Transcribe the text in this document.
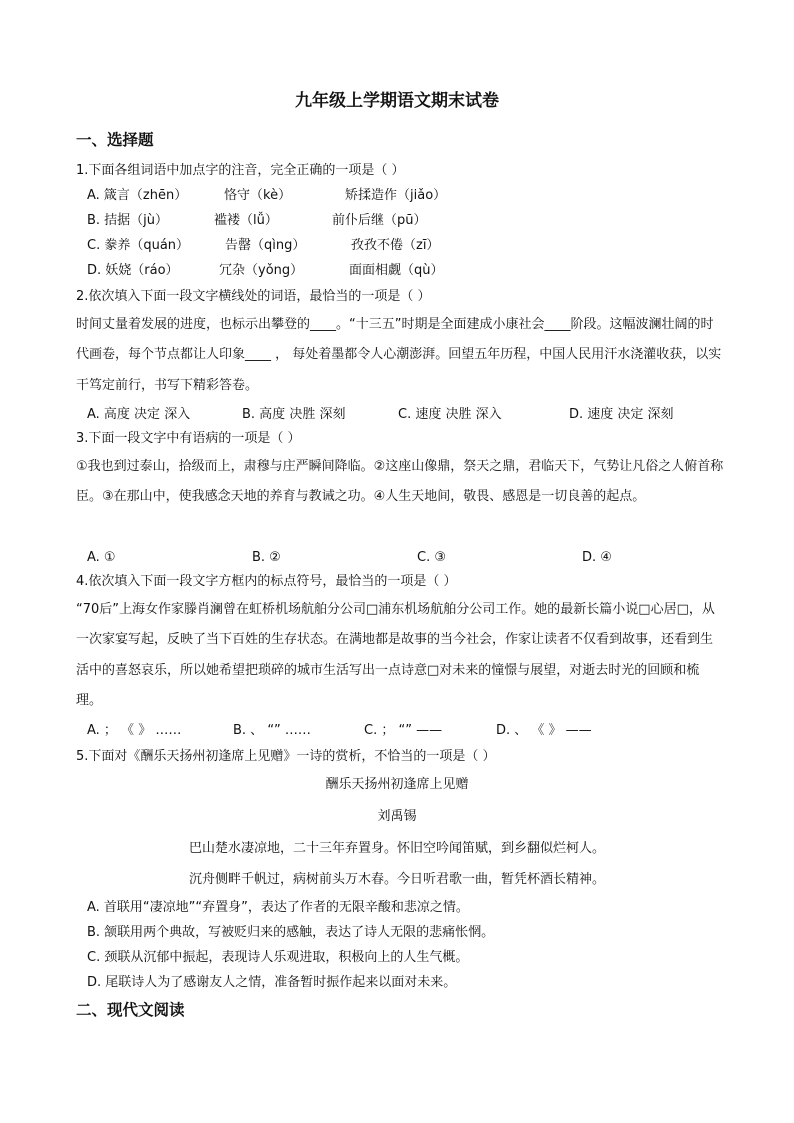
九年级上学期语文期末试卷
一、选择题
1.下面各组词语中加点字的注音，完全正确的一项是（ ）
A. 箴言（zhēn）	恪守（kè）	矫揉造作（jiǎo）
B. 拮据（jù）	褴褛（lǚ）	前仆后继（pū）
C. 豢养（quán）	告罄（qìng）	孜孜不倦（zī）
D. 妖娆（ráo）	冗杂（yǒng）	面面相觑（qù）
2.依次填入下面一段文字横线处的词语，最恰当的一项是（ ）
时间丈量着发展的进度，也标示出攀登的____。“十三五”时期是全面建成小康社会____阶段。这幅波澜壮阔的时代画卷，每个节点都让人印象____ ， 每处着墨都令人心潮澎湃。回望五年历程，中国人民用汗水浇灌收获，以实干笃定前行，书写下精彩答卷。
A. 高度 决定 深入	B. 高度 决胜 深刻	C. 速度 决胜 深入	D. 速度 决定 深刻
3.下面一段文字中有语病的一项是（ ）
①我也到过泰山，拾级而上，肃穆与庄严瞬间降临。②这座山像鼎，祭天之鼎，君临天下，气势让凡俗之人俯首称臣。③在那山中，使我感念天地的养育与教诫之功。④人生天地间，敬畏、感恩是一切良善的起点。
A. ①	B. ②	C. ③	D. ④
4.依次填入下面一段文字方框内的标点符号，最恰当的一项是（ ）
“70后”上海女作家滕肖澜曾在虹桥机场航舶分公司□浦东机场航舶分公司工作。她的最新长篇小说□心居□，从一次家宴写起，反映了当下百姓的生存状态。在满地都是故事的当今社会，作家让读者不仅看到故事，还看到生活中的喜怒哀乐，所以她希望把琐碎的城市生活写出一点诗意□对未来的憧憬与展望，对逝去时光的回顾和梳理。
A. ； 《 》 ……	B. 、 “” ……	C. ； “” ——	D. 、 《 》 ——
5.下面对《酬乐天扬州初逢席上见赠》一诗的赏析，不恰当的一项是（ ）
酬乐天扬州初逢席上见赠
刘禹锡
巴山楚水凄凉地，二十三年弃置身。怀旧空吟闻笛赋，到乡翻似烂柯人。
沉舟侧畔千帆过，病树前头万木春。今日听君歌一曲，暂凭杯酒长精神。
A. 首联用“凄凉地”“弃置身”，表达了作者的无限辛酸和悲凉之情。
B. 颔联用两个典故，写被贬归来的感触，表达了诗人无限的悲痛怅惘。
C. 颈联从沉郁中振起，表现诗人乐观进取，积极向上的人生气概。
D. 尾联诗人为了感谢友人之情，准备暂时振作起来以面对未来。
二、现代文阅读
